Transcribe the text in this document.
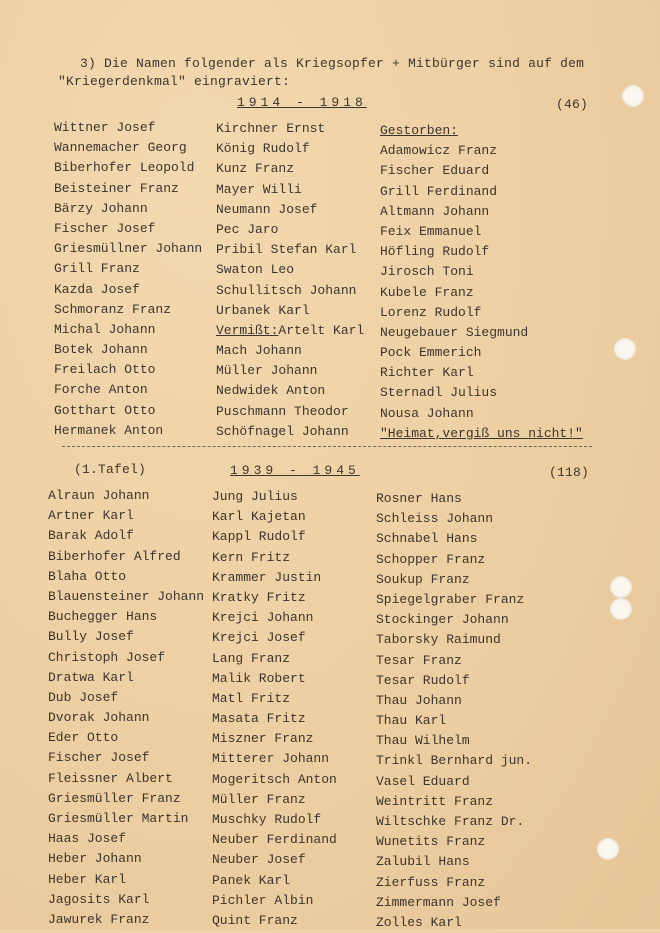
3) Die Namen folgender als Kriegsopfer + Mitbürger sind auf dem
"Kriegerdenkmal" eingraviert:
1914 - 1918	(46)
Wittner Josef
Wannemacher Georg
Biberhofer Leopold
Beisteiner Franz
Bärzy Johann
Fischer Josef
Griesmüllner Johann
Grill Franz
Kazda Josef
Schmoranz Franz
Michal Johann
Botek Johann
Freilach Otto
Forche Anton
Gotthart Otto
Hermanek Anton
Kirchner Ernst
König Rudolf
Kunz Franz
Mayer Willi
Neumann Josef
Pec Jaro
Pribil Stefan Karl
Swaton Leo
Schullitsch Johann
Urbanek Karl
Vermißt:Artelt Karl
Mach Johann
Müller Johann
Nedwidek Anton
Puschmann Theodor
Schöfnagel Johann
Gestorben:
Adamowicz Franz
Fischer Eduard
Grill Ferdinand
Altmann Johann
Feix Emmanuel
Höfling Rudolf
Jirosch Toni
Kubele Franz
Lorenz Rudolf
Neugebauer Siegmund
Pock Emmerich
Richter Karl
Sternadl Julius
Nousa Johann
"Heimat,vergiß uns nicht!"
(1.Tafel)	1939 - 1945	(118)
Alraun Johann
Artner Karl
Barak Adolf
Biberhofer Alfred
Blaha Otto
Blauensteiner Johann
Buchegger Hans
Bully Josef
Christoph Josef
Dratwa Karl
Dub Josef
Dvorak Johann
Eder Otto
Fischer Josef
Fleissner Albert
Griesmüller Franz
Griesmüller Martin
Haas Josef
Heber Johann
Heber Karl
Jagosits Karl
Jawurek Franz
Jung Julius
Karl Kajetan
Kappl Rudolf
Kern Fritz
Krammer Justin
Kratky Fritz
Krejci Johann
Krejci Josef
Lang Franz
Malik Robert
Matl Fritz
Masata Fritz
Miszner Franz
Mitterer Johann
Mogeritsch Anton
Müller Franz
Muschky Rudolf
Neuber Ferdinand
Neuber Josef
Panek Karl
Pichler Albin
Quint Franz
Rosner Hans
Schleiss Johann
Schnabel Hans
Schopper Franz
Soukup Franz
Spiegelgraber Franz
Stockinger Johann
Taborsky Raimund
Tesar Franz
Tesar Rudolf
Thau Johann
Thau Karl
Thau Wilhelm
Trinkl Bernhard jun.
Vasel Eduard
Weintritt Franz
Wiltschke Franz Dr.
Wunetits Franz
Zalubil Hans
Zierfuss Franz
Zimmermann Josef
Zolles Karl
